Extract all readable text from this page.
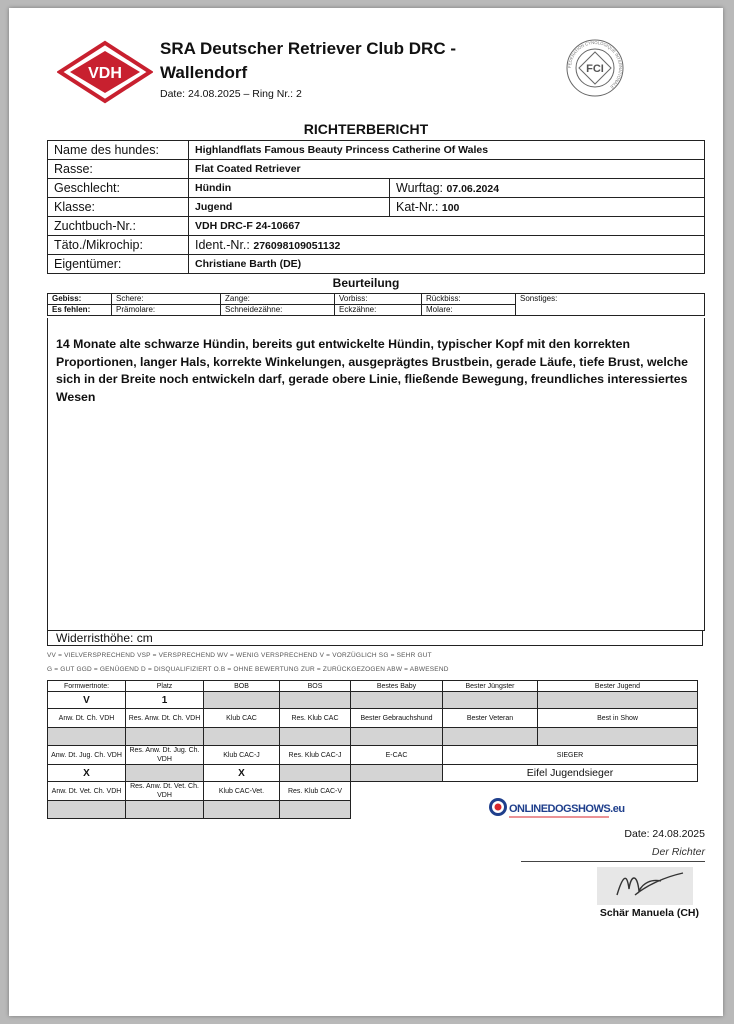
VDH
SRA Deutscher Retriever Club DRC - Wallendorf
Date: 24.08.2025 – Ring Nr.: 2
FCI
FEDERATION CYNOLOGIQUE INTERNATIONALE
RICHTERBERICHT
Name des hundes:	Highlandflats Famous Beauty Princess Catherine Of Wales	
Rasse:	Flat Coated Retriever	
Geschlecht:	Hündin	Wurftag: 07.06.2024
Klasse:	Jugend	Kat-Nr.: 100
Zuchtbuch-Nr.:	VDH DRC-F 24-10667	
Täto./Mikrochip:	Ident.-Nr.: 276098109051132	
Eigentümer:	Christiane Barth (DE)	
Beurteilung
Gebiss:	Schere:	Zange:	Vorbiss:	Rückbiss:	Sonstiges:
Es fehlen:	Prämolare:	Schneidezähne:	Eckzähne:	Molare:	
14 Monate alte schwarze Hündin, bereits gut entwickelte Hündin, typischer Kopf mit den korrekten Proportionen, langer Hals, korrekte Winkelungen, ausgeprägtes Brustbein, gerade Läufe, tiefe Brust, welche sich in der Breite noch entwickeln darf, gerade obere Linie, fließende Bewegung, freundliches interessiertes Wesen
Widerristhöhe: cm
VV = VIELVERSPRECHEND VSP = VERSPRECHEND WV = WENIG VERSPRECHEND V = VORZÜGLICH SG = SEHR GUT
G = GUT GGD = GENÜGEND D = DISQUALIFIZIERT O.B = OHNE BEWERTUNG ZUR = ZURÜCKGEZOGEN ABW = ABWESEND
Formwertnote:	Platz	BOB	BOS	Bestes Baby	Bester Jüngster	Bester Jugend
V	1					
Anw. Dt. Ch. VDH	Res. Anw. Dt. Ch. VDH	Klub CAC	Res. Klub CAC	Bester Gebrauchshund	Bester Veteran	Best in Show

Anw. Dt. Jug. Ch. VDH	Res. Anw. Dt. Jug. Ch. VDH	Klub CAC-J	Res. Klub CAC-J	E-CAC	SIEGER	
X		X			Eifel Jugendsieger	
Anw. Dt. Vet. Ch. VDH	Res. Anw. Dt. Vet. Ch. VDH	Klub CAC-Vet.	Res. Klub CAC-V			

ONLINEDOGSHOWS.eu
Date: 24.08.2025
Der Richter
Schär Manuela (CH)
